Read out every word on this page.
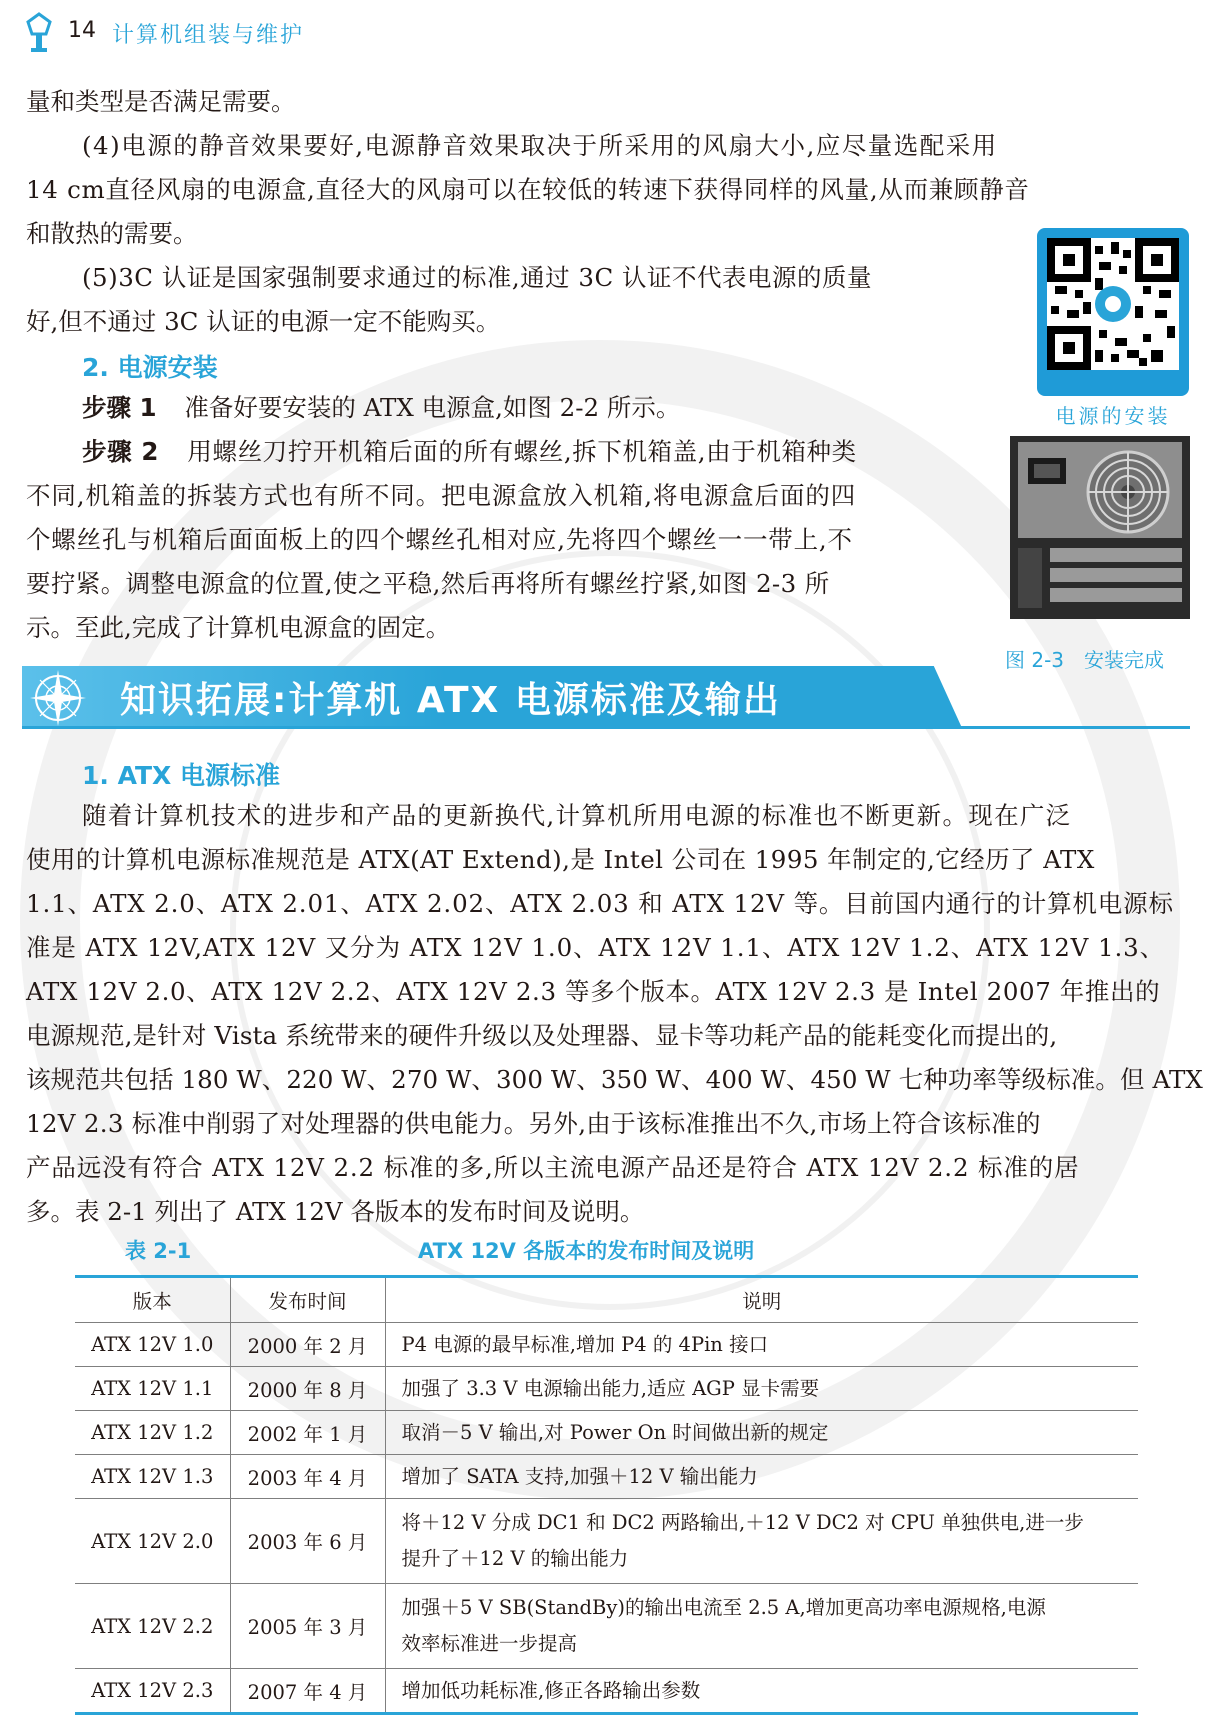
14 计算机组装与维护
量和类型是否满足需要。
(4)电源的静音效果要好,电源静音效果取决于所采用的风扇大小,应尽量选配采用
14 cm直径风扇的电源盒,直径大的风扇可以在较低的转速下获得同样的风量,从而兼顾静音
和散热的需要。
(5)3C 认证是国家强制要求通过的标准,通过 3C 认证不代表电源的质量
好,但不通过 3C 认证的电源一定不能购买。
2. 电源安装
步骤 1 准备好要安装的 ATX 电源盒,如图 2-2 所示。
步骤 2 用螺丝刀拧开机箱后面的所有螺丝,拆下机箱盖,由于机箱种类
不同,机箱盖的拆装方式也有所不同。把电源盒放入机箱,将电源盒后面的四
个螺丝孔与机箱后面面板上的四个螺丝孔相对应,先将四个螺丝一一带上,不
要拧紧。调整电源盒的位置,使之平稳,然后再将所有螺丝拧紧,如图 2-3 所
示。至此,完成了计算机电源盒的固定。
电源的安装
图 2-3　安装完成
知识拓展:计算机 ATX 电源标准及输出
1. ATX 电源标准
随着计算机技术的进步和产品的更新换代,计算机所用电源的标准也不断更新。现在广泛
使用的计算机电源标准规范是 ATX(AT Extend),是 Intel 公司在 1995 年制定的,它经历了 ATX
1.1、ATX 2.0、ATX 2.01、ATX 2.02、ATX 2.03 和 ATX 12V 等。目前国内通行的计算机电源标
准是 ATX 12V,ATX 12V 又分为 ATX 12V 1.0、ATX 12V 1.1、ATX 12V 1.2、ATX 12V 1.3、
ATX 12V 2.0、ATX 12V 2.2、ATX 12V 2.3 等多个版本。ATX 12V 2.3 是 Intel 2007 年推出的
电源规范,是针对 Vista 系统带来的硬件升级以及处理器、显卡等功耗产品的能耗变化而提出的,
该规范共包括 180 W、220 W、270 W、300 W、350 W、400 W、450 W 七种功率等级标准。但 ATX
12V 2.3 标准中削弱了对处理器的供电能力。另外,由于该标准推出不久,市场上符合该标准的
产品远没有符合 ATX 12V 2.2 标准的多,所以主流电源产品还是符合 ATX 12V 2.2 标准的居
多。表 2-1 列出了 ATX 12V 各版本的发布时间及说明。
表 2-1	ATX 12V 各版本的发布时间及说明
版本	发布时间	说明
ATX 12V 1.0	2000 年 2 月	P4 电源的最早标准,增加 P4 的 4Pin 接口
ATX 12V 1.1	2000 年 8 月	加强了 3.3 V 电源输出能力,适应 AGP 显卡需要
ATX 12V 1.2	2002 年 1 月	取消－5 V 输出,对 Power On 时间做出新的规定
ATX 12V 1.3	2003 年 4 月	增加了 SATA 支持,加强＋12 V 输出能力
ATX 12V 2.0	2003 年 6 月	将＋12 V 分成 DC1 和 DC2 两路输出,＋12 V DC2 对 CPU 单独供电,进一步
提升了＋12 V 的输出能力

ATX 12V 2.2	2005 年 3 月	加强＋5 V SB(StandBy)的输出电流至 2.5 A,增加更高功率电源规格,电源
效率标准进一步提高

ATX 12V 2.3	2007 年 4 月	增加低功耗标准,修正各路输出参数
